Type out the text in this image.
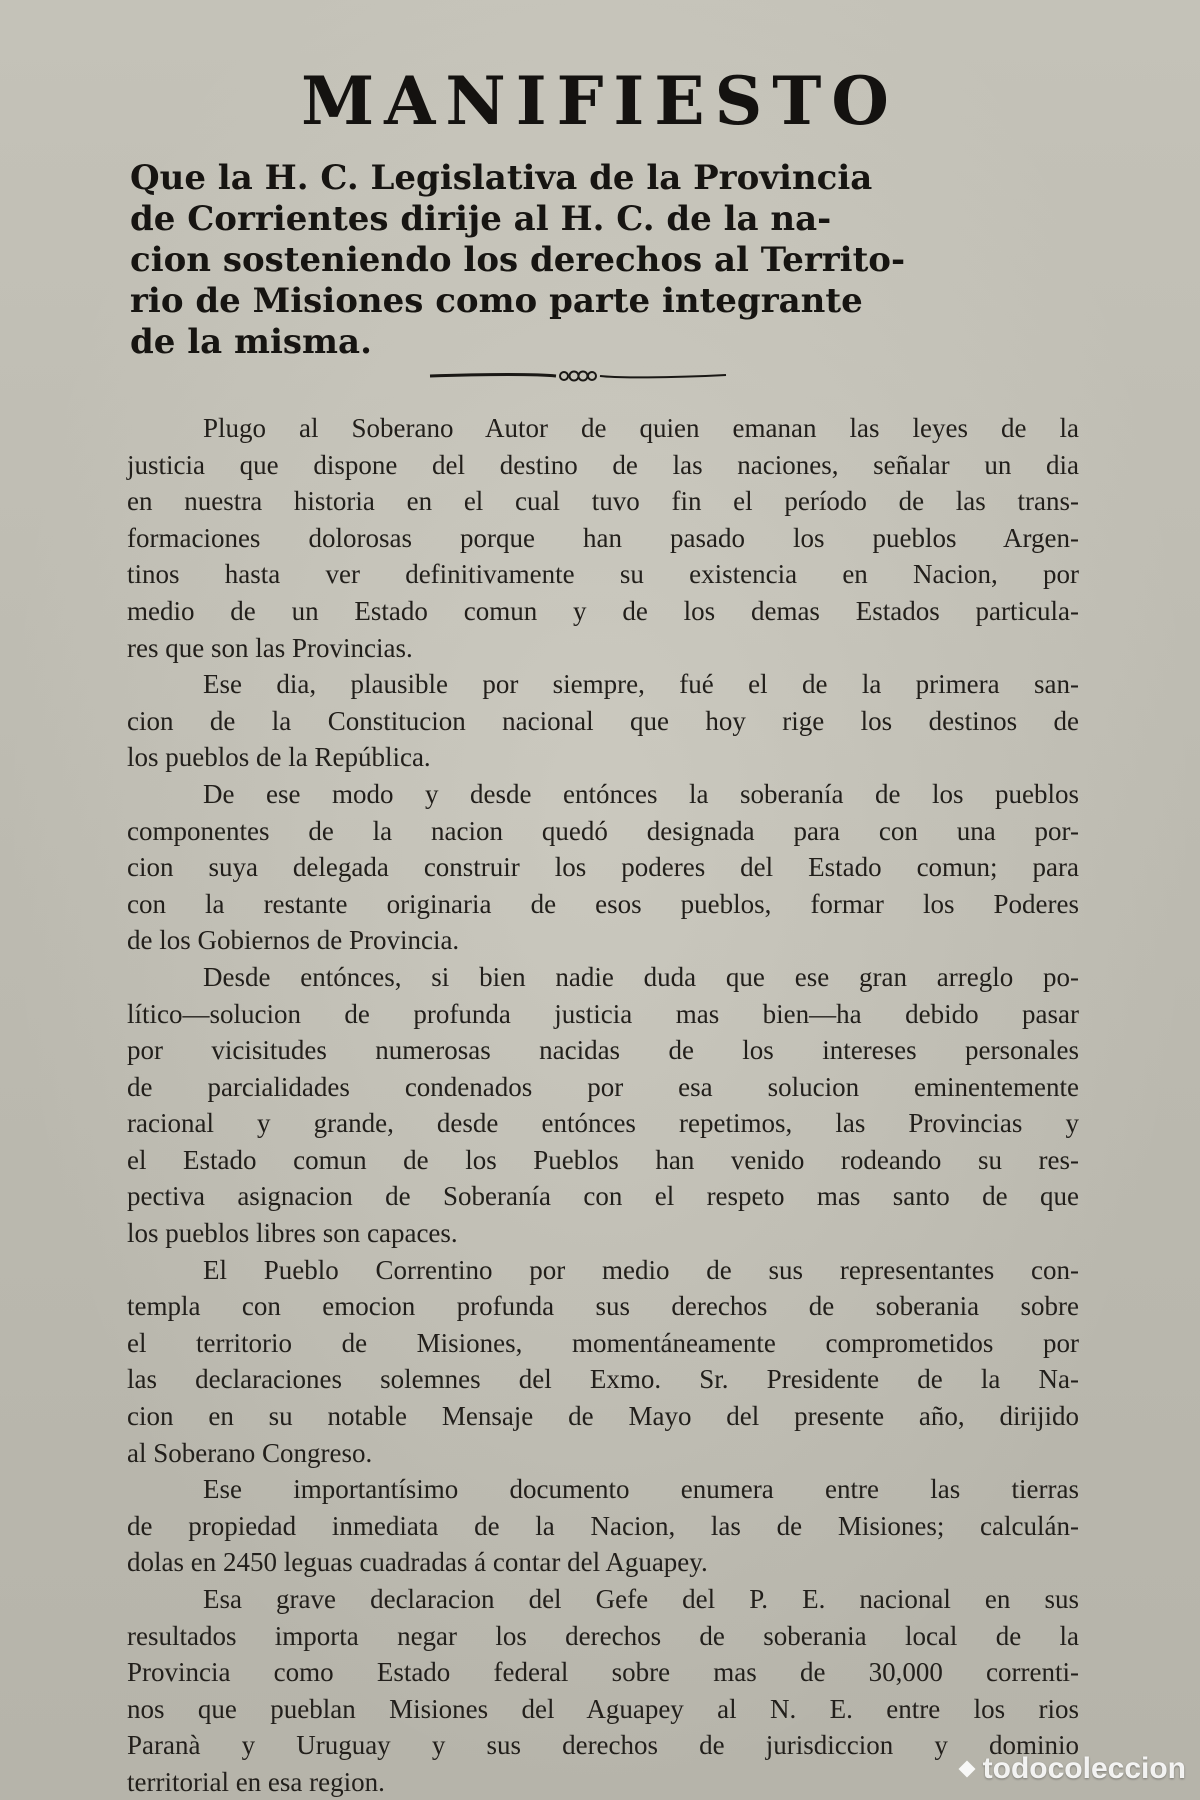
MANIFIESTO
Que la H. C. Legislativa de la Provincia
de Corrientes dirije al H. C. de la na-
cion sosteniendo los derechos al Territo-
rio de Misiones como parte integrante
de la misma.
Plugo al Soberano Autor de quien emanan las leyes de la
justicia que dispone del destino de las naciones, señalar un dia
en nuestra historia en el cual tuvo fin el período de las trans-
formaciones dolorosas porque han pasado los pueblos Argen-
tinos hasta ver definitivamente su existencia en Nacion, por
medio de un Estado comun y de los demas Estados particula-
res que son las Provincias.
Ese dia, plausible por siempre, fué el de la primera san-
cion de la Constitucion nacional que hoy rige los destinos de
los pueblos de la República.
De ese modo y desde entónces la soberanía de los pueblos
componentes de la nacion quedó designada para con una por-
cion suya delegada construir los poderes del Estado comun; para
con la restante originaria de esos pueblos, formar los Poderes
de los Gobiernos de Provincia.
Desde entónces, si bien nadie duda que ese gran arreglo po-
lítico—solucion de profunda justicia mas bien—ha debido pasar
por vicisitudes numerosas nacidas de los intereses personales
de parcialidades condenados por esa solucion eminentemente
racional y grande, desde entónces repetimos, las Provincias y
el Estado comun de los Pueblos han venido rodeando su res-
pectiva asignacion de Soberanía con el respeto mas santo de que
los pueblos libres son capaces.
El Pueblo Correntino por medio de sus representantes con-
templa con emocion profunda sus derechos de soberania sobre
el territorio de Misiones, momentáneamente comprometidos por
las declaraciones solemnes del Exmo. Sr. Presidente de la Na-
cion en su notable Mensaje de Mayo del presente año, dirijido
al Soberano Congreso.
Ese importantísimo documento enumera entre las tierras
de propiedad inmediata de la Nacion, las de Misiones; calculán-
dolas en 2450 leguas cuadradas á contar del Aguapey.
Esa grave declaracion del Gefe del P. E. nacional en sus
resultados importa negar los derechos de soberania local de la
Provincia como Estado federal sobre mas de 30,000 correnti-
nos que pueblan Misiones del Aguapey al N. E. entre los rios
Paranà y Uruguay y sus derechos de jurisdiccion y dominio
territorial en esa region.	todocoleccion
